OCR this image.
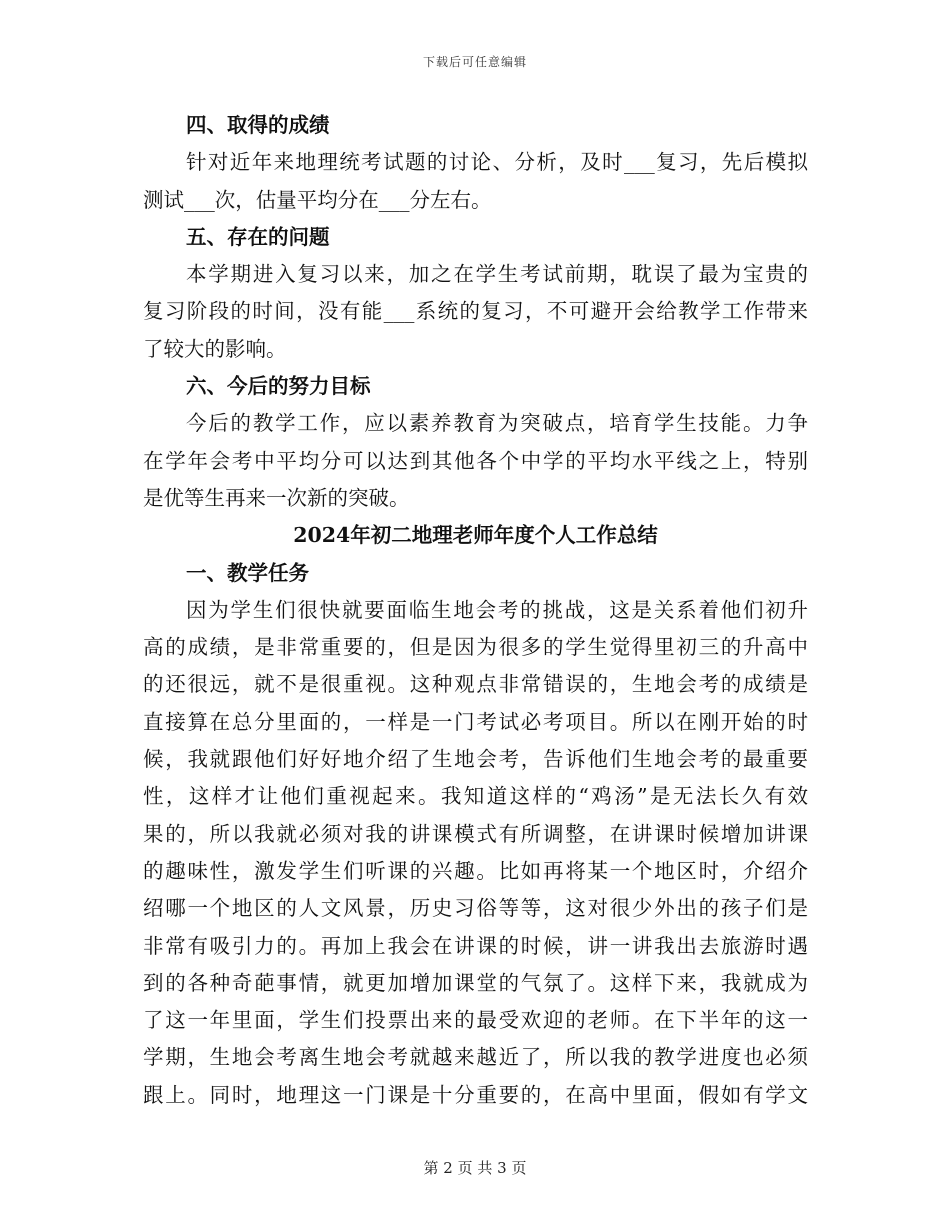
下载后可任意编辑
四、取得的成绩
针对近年来地理统考试题的讨论、分析，及时___复习，先后模拟
测试___次，估量平均分在___分左右。
五、存在的问题
本学期进入复习以来，加之在学生考试前期，耽误了最为宝贵的
复习阶段的时间，没有能___系统的复习，不可避开会给教学工作带来
了较大的影响。
六、今后的努力目标
今后的教学工作，应以素养教育为突破点，培育学生技能。力争
在学年会考中平均分可以达到其他各个中学的平均水平线之上，特别
是优等生再来一次新的突破。
2024年初二地理老师年度个人工作总结
一、教学任务
因为学生们很快就要面临生地会考的挑战，这是关系着他们初升
高的成绩，是非常重要的，但是因为很多的学生觉得里初三的升高中
的还很远，就不是很重视。这种观点非常错误的，生地会考的成绩是
直接算在总分里面的，一样是一门考试必考项目。所以在刚开始的时
候，我就跟他们好好地介绍了生地会考，告诉他们生地会考的最重要
性，这样才让他们重视起来。我知道这样的“鸡汤”是无法长久有效
果的，所以我就必须对我的讲课模式有所调整，在讲课时候增加讲课
的趣味性，激发学生们听课的兴趣。比如再将某一个地区时，介绍介
绍哪一个地区的人文风景，历史习俗等等，这对很少外出的孩子们是
非常有吸引力的。再加上我会在讲课的时候，讲一讲我出去旅游时遇
到的各种奇葩事情，就更加增加课堂的气氛了。这样下来，我就成为
了这一年里面，学生们投票出来的最受欢迎的老师。在下半年的这一
学期，生地会考离生地会考就越来越近了，所以我的教学进度也必须
跟上。同时，地理这一门课是十分重要的，在高中里面，假如有学文
第 2 页 共 3 页
